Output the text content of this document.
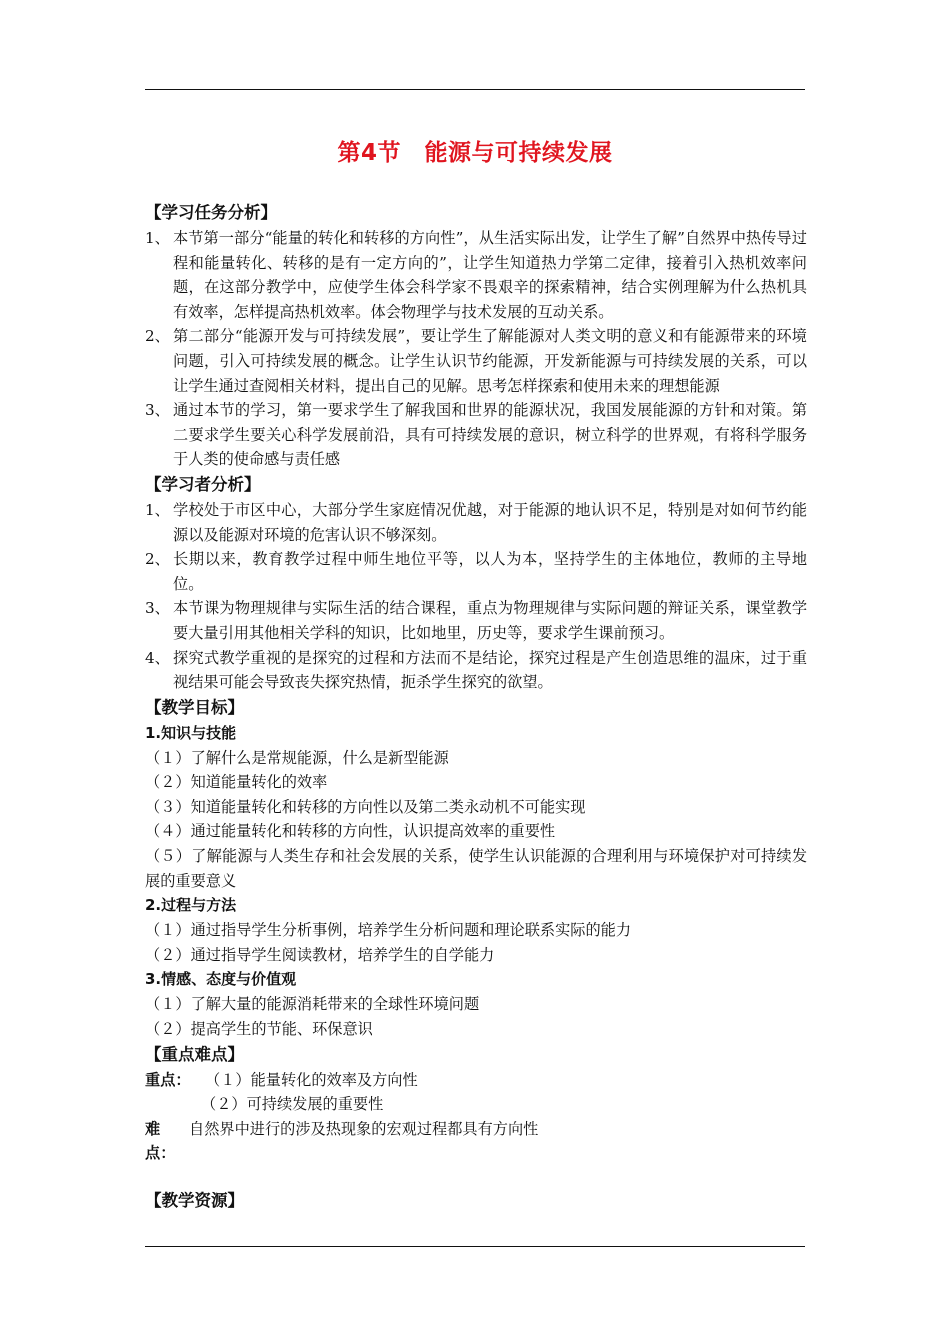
第4节　能源与可持续发展
【学习任务分析】
1、 本节第一部分“能量的转化和转移的方向性”，从生活实际出发，让学生了解”自然界中热传导过程和能量转化、转移的是有一定方向的”，让学生知道热力学第二定律，接着引入热机效率问题，在这部分教学中，应使学生体会科学家不畏艰辛的探索精神，结合实例理解为什么热机具有效率，怎样提高热机效率。体会物理学与技术发展的互动关系。
2、 第二部分“能源开发与可持续发展”，要让学生了解能源对人类文明的意义和有能源带来的环境问题，引入可持续发展的概念。让学生认识节约能源，开发新能源与可持续发展的关系，可以让学生通过查阅相关材料，提出自己的见解。思考怎样探索和使用未来的理想能源
3、 通过本节的学习，第一要求学生了解我国和世界的能源状况，我国发展能源的方针和对策。第二要求学生要关心科学发展前沿，具有可持续发展的意识，树立科学的世界观，有将科学服务于人类的使命感与责任感
【学习者分析】
1、 学校处于市区中心，大部分学生家庭情况优越，对于能源的地认识不足，特别是对如何节约能源以及能源对环境的危害认识不够深刻。
2、 长期以来，教育教学过程中师生地位平等，以人为本，坚持学生的主体地位，教师的主导地位。
3、 本节课为物理规律与实际生活的结合课程，重点为物理规律与实际问题的辩证关系，课堂教学要大量引用其他相关学科的知识，比如地里，历史等，要求学生课前预习。
4、 探究式教学重视的是探究的过程和方法而不是结论，探究过程是产生创造思维的温床，过于重视结果可能会导致丧失探究热情，扼杀学生探究的欲望。
【教学目标】
1.知识与技能
（１）了解什么是常规能源，什么是新型能源
（２）知道能量转化的效率
（３）知道能量转化和转移的方向性以及第二类永动机不可能实现
（４）通过能量转化和转移的方向性，认识提高效率的重要性
（５）了解能源与人类生存和社会发展的关系，使学生认识能源的合理利用与环境保护对可持续发展的重要意义
2.过程与方法
（１）通过指导学生分析事例，培养学生分析问题和理论联系实际的能力
（２）通过指导学生阅读教材，培养学生的自学能力
3.情感、态度与价值观
（１）了解大量的能源消耗带来的全球性环境问题
（２）提高学生的节能、环保意识
【重点难点】
重点： （１）能量转化的效率及方向性
（２）可持续发展的重要性
难点：
自然界中进行的涉及热现象的宏观过程都具有方向性
【教学资源】
